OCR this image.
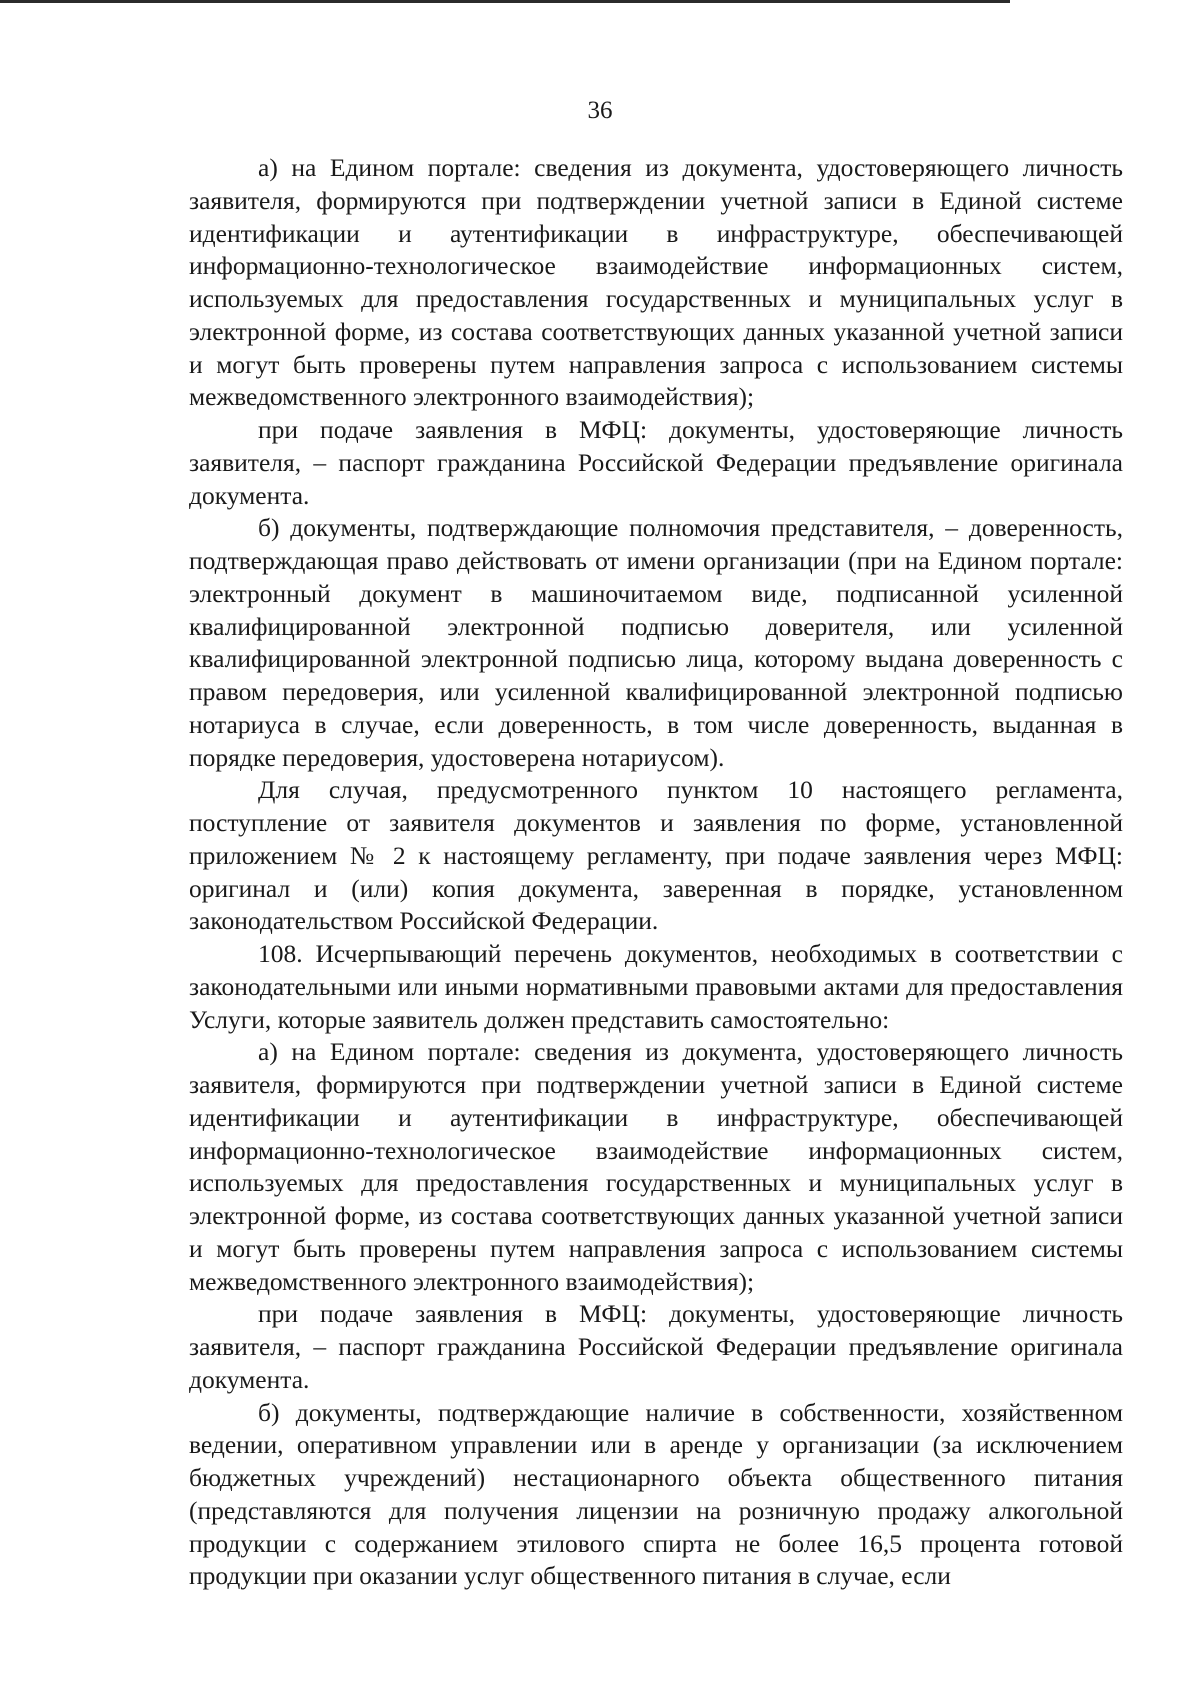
36

а) на Едином портале: сведения из документа, удостоверяющего личность заявителя, формируются при подтверждении учетной записи в Единой системе идентификации и аутентификации в инфраструктуре, обеспечивающей информационно-технологическое взаимодействие информационных систем, используемых для предоставления государственных и муниципальных услуг в электронной форме, из состава соответствующих данных указанной учетной записи и могут быть проверены путем направления запроса с использованием системы межведомственного электронного взаимодействия);

при подаче заявления в МФЦ: документы, удостоверяющие личность заявителя, – паспорт гражданина Российской Федерации предъявление оригинала документа.

б) документы, подтверждающие полномочия представителя, – доверенность, подтверждающая право действовать от имени организации (при на Едином портале: электронный документ в машиночитаемом виде, подписанной усиленной квалифицированной электронной подписью доверителя, или усиленной квалифицированной электронной подписью лица, которому выдана доверенность с правом передоверия, или усиленной квалифицированной электронной подписью нотариуса в случае, если доверенность, в том числе доверенность, выданная в порядке передоверия, удостоверена нотариусом).

Для случая, предусмотренного пунктом 10 настоящего регламента, поступление от заявителя документов и заявления по форме, установленной приложением № 2 к настоящему регламенту, при подаче заявления через МФЦ: оригинал и (или) копия документа, заверенная в порядке, установленном законодательством Российской Федерации.

108. Исчерпывающий перечень документов, необходимых в соответствии с законодательными или иными нормативными правовыми актами для предоставления Услуги, которые заявитель должен представить самостоятельно:

а) на Едином портале: сведения из документа, удостоверяющего личность заявителя, формируются при подтверждении учетной записи в Единой системе идентификации и аутентификации в инфраструктуре, обеспечивающей информационно-технологическое взаимодействие информационных систем, используемых для предоставления государственных и муниципальных услуг в электронной форме, из состава соответствующих данных указанной учетной записи и могут быть проверены путем направления запроса с использованием системы межведомственного электронного взаимодействия);

при подаче заявления в МФЦ: документы, удостоверяющие личность заявителя, – паспорт гражданина Российской Федерации предъявление оригинала документа.

б) документы, подтверждающие наличие в собственности, хозяйственном ведении, оперативном управлении или в аренде у организации (за исключением бюджетных учреждений) нестационарного объекта общественного питания (представляются для получения лицензии на розничную продажу алкогольной продукции с содержанием этилового спирта не более 16,5 процента готовой продукции при оказании услуг общественного питания в случае, если
